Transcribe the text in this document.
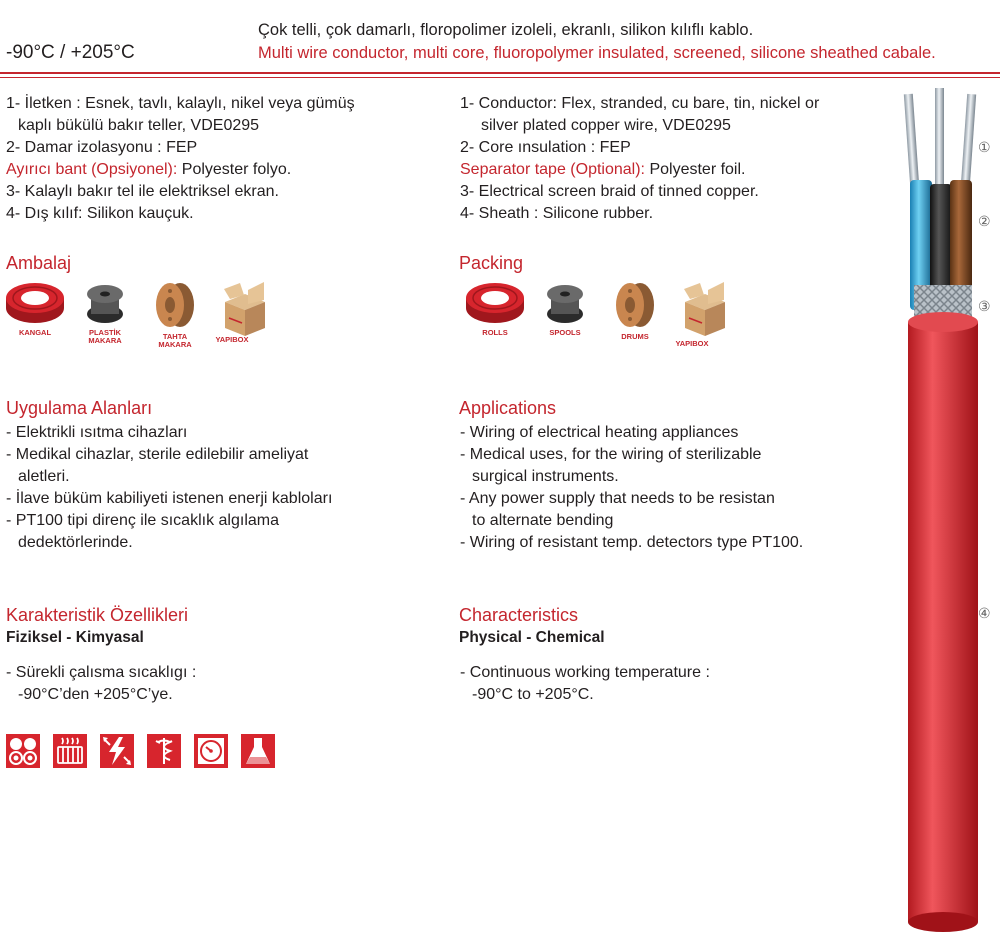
-90°C / +205°C
Çok telli, çok damarlı, floropolimer izoleli, ekranlı, silikon kılıflı kablo.
Multi wire conductor, multi core, fluoropolymer insulated, screened, silicone sheathed cabale.
1- İletken : Esnek, tavlı, kalaylı, nikel veya gümüş
kaplı bükülü bakır teller, VDE0295
2- Damar izolasyonu : FEP
Ayırıcı bant (Opsiyonel): Polyester folyo.
3- Kalaylı bakır tel ile elektriksel ekran.
4- Dış kılıf: Silikon kauçuk.
1- Conductor: Flex, stranded, cu bare, tin, nickel or
silver plated copper wire, VDE0295
2- Core ınsulation : FEP
Separator tape (Optional): Polyester foil.
3- Electrical screen braid of tinned copper.
4- Sheath : Silicone rubber.
Ambalaj
KANGAL	PLASTİK
MAKARA	TAHTA
MAKARA
YAPIBOX
Packing
ROLLS	SPOOLS	DRUMS
YAPIBOX
Uygulama Alanları
- Elektrikli ısıtma cihazları
- Medikal cihazlar, sterile edilebilir ameliyat
aletleri.
- İlave büküm kabiliyeti istenen enerji kabloları
- PT100 tipi direnç ile sıcaklık algılama
dedektörlerinde.
Applications
- Wiring of electrical heating appliances
- Medical uses, for the wiring of sterilizable
surgical instruments.
- Any power supply that needs to be resistan
to alternate bending
- Wiring of resistant temp. detectors type PT100.
Karakteristik Özellikleri
Fiziksel - Kimyasal
- Sürekli çalısma sıcaklıgı :
-90°C’den +205°C’ye.
Characteristics
Physical - Chemical
- Continuous working temperature :
-90°C to +205°C.
①
②
③
④
